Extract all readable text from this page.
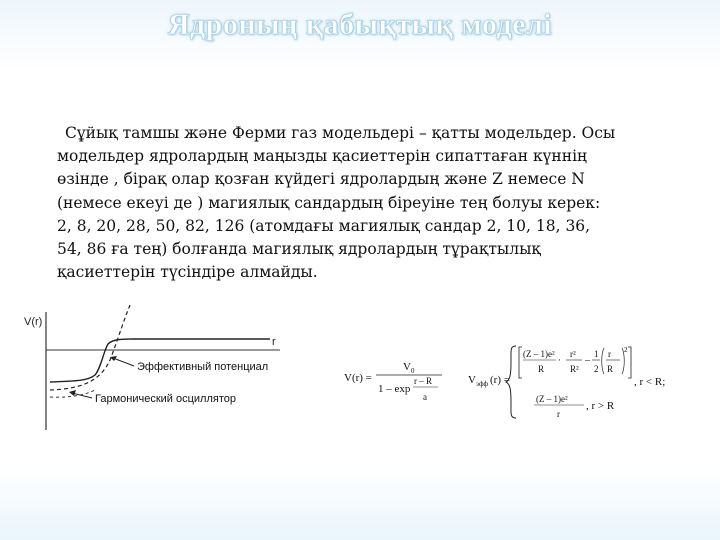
Ядроның қабықтық моделі
Сұйық тамшы және Ферми газ модельдері – қатты модельдер. Осы модельдер ядролардың маңызды қасиеттерін сипаттаған күннің өзінде , бірақ олар қозған күйдегі ядролардың және Z немесе N (немесе екеуі де ) магиялық сандардың біреуіне тең болуы керек: 2, 8, 20, 28, 50, 82, 126 (атомдағы магиялық сандар 2, 10, 18, 36, 54, 86 ға тең) болғанда магиялық ядролардың тұрақтылық қасиеттерін түсіндіре алмайды.
V(r)
r
Эффективный потенциал
Гармонический осциллятор
V(r) =
V 0
1 – exp
r – R
a
V эфф (r) =
(Z – 1)e²
R
·
r²
R²
–
1
2
r
R
2
, r < R;
(Z – 1)e²
r
, r > R
